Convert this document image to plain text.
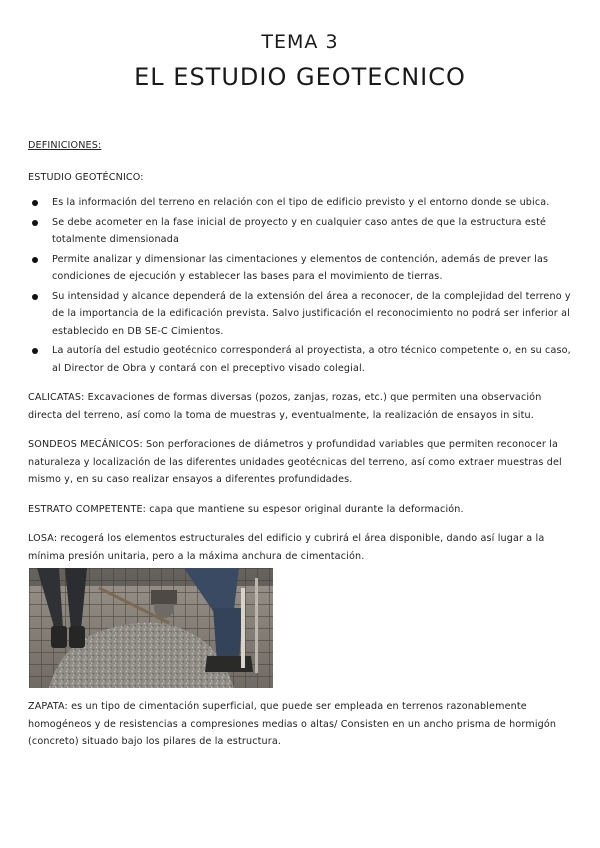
TEMA 3
EL ESTUDIO GEOTECNICO

DEFINICIONES:

ESTUDIO GEOTÉCNICO:

Es la información del terreno en relación con el tipo de edificio previsto y el entorno donde se ubica.
Se debe acometer en la fase inicial de proyecto y en cualquier caso antes de que la estructura esté totalmente dimensionada
Permite analizar y dimensionar las cimentaciones y elementos de contención, además de prever las condiciones de ejecución y establecer las bases para el movimiento de tierras.
Su intensidad y alcance dependerá de la extensión del área a reconocer, de la complejidad del terreno y de la importancia de la edificación prevista. Salvo justificación el reconocimiento no podrá ser inferior al establecido en DB SE-C Cimientos.
La autoría del estudio geotécnico corresponderá al proyectista, a otro técnico competente o, en su caso, al Director de Obra y contará con el preceptivo visado colegial.

CALICATAS: Excavaciones de formas diversas (pozos, zanjas, rozas, etc.) que permiten una observación directa del terreno, así como la toma de muestras y, eventualmente, la realización de ensayos in situ.

SONDEOS MECÁNICOS: Son perforaciones de diámetros y profundidad variables que permiten reconocer la naturaleza y localización de las diferentes unidades geotécnicas del terreno, así como extraer muestras del mismo y, en su caso realizar ensayos a diferentes profundidades.

ESTRATO COMPETENTE: capa que mantiene su espesor original durante la deformación.

LOSA: recogerá los elementos estructurales del edificio y cubrirá el área disponible, dando así lugar a la mínima presión unitaria, pero a la máxima anchura de cimentación.

ZAPATA: es un tipo de cimentación superficial, que puede ser empleada en terrenos razonablemente homogéneos y de resistencias a compresiones medias o altas/ Consisten en un ancho prisma de hormigón (concreto) situado bajo los pilares de la estructura.
